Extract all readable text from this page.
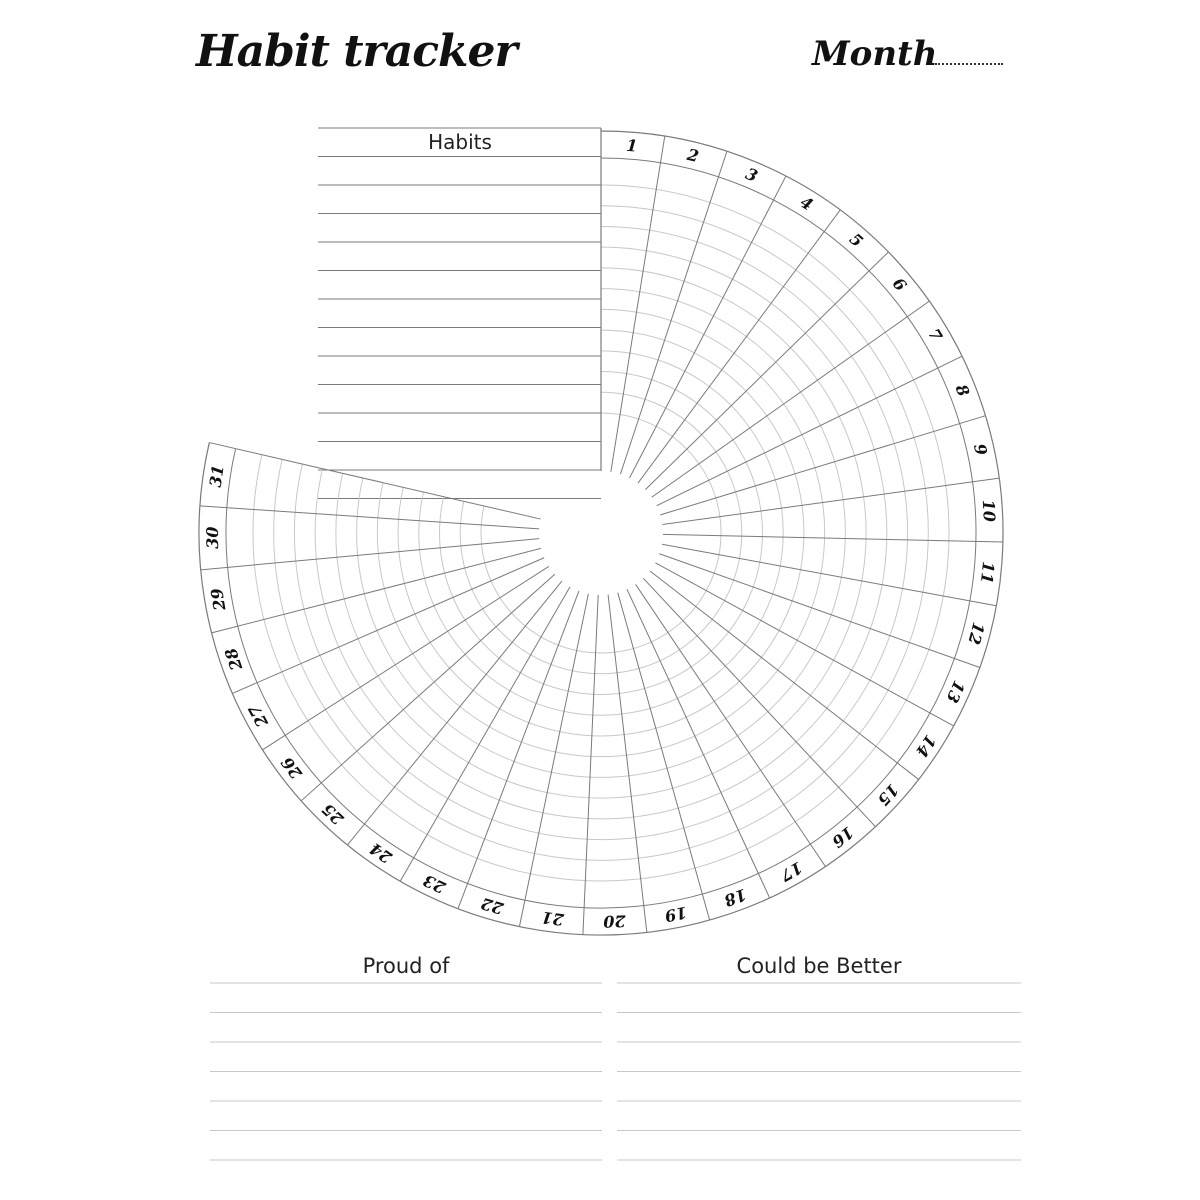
Habit tracker	Month
Habits	1	2
3
4
5
6
7
8
9
10
11
12
13
14
15
16
17
18
19
20
21
22
23
24
25
26
27
28
29
30
31
Proud of	Could be Better
